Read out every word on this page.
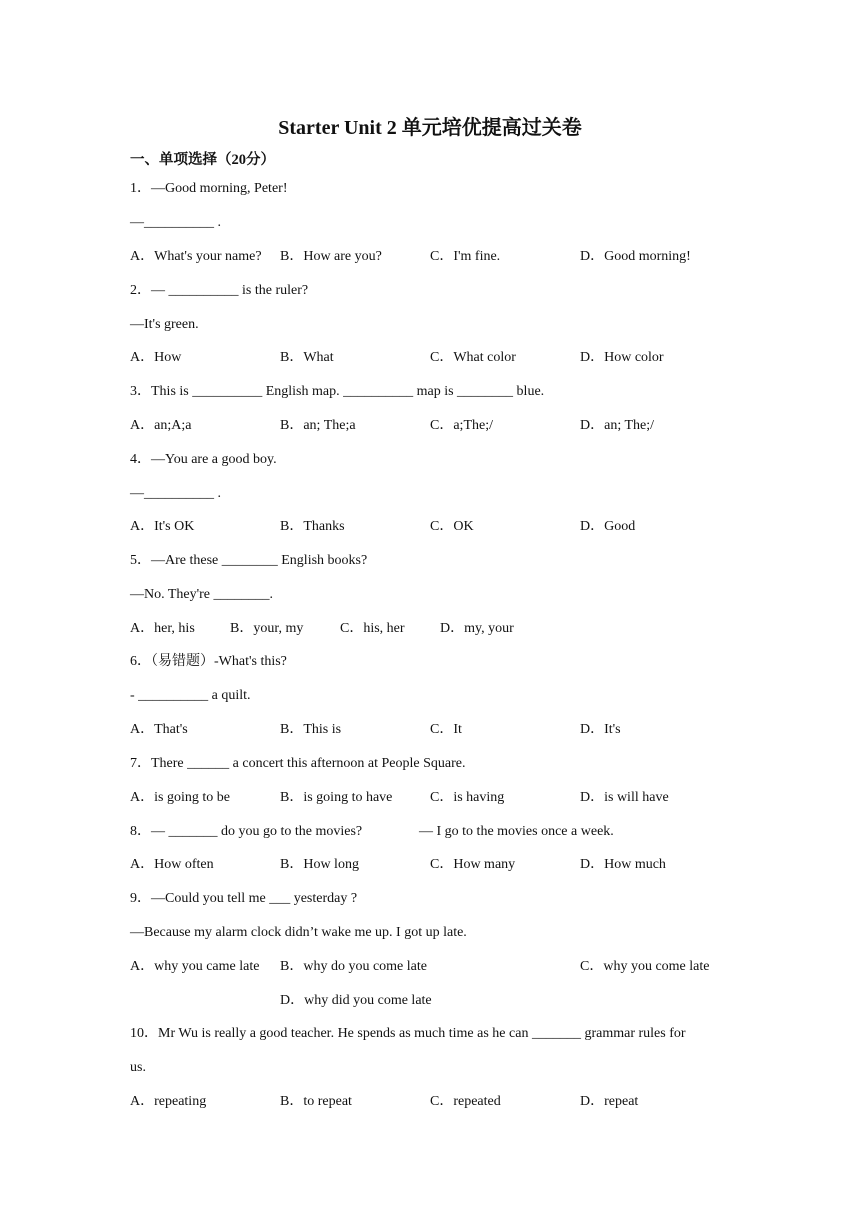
Starter Unit 2 单元培优提高过关卷
一、单项选择（20分）
1．—Good morning, Peter!
—__________ .
A．What's your name? B．How are you?	C．I'm fine.	D．Good morning!
2．— __________ is the ruler?
—It's green.
A．How	B．What	C．What color	D．How color
3．This is __________ English map. __________ map is ________ blue.
A．an;A;a	B．an; The;a	C．a;The;/	D．an; The;/
4．—You are a good boy.
—__________ .
A．It's OK	B．Thanks	C．OK	D．Good
5．—Are these ________ English books?
—No. They're ________.
A．her, his	B．your, my	C．his, her	D．my, your
6．（易错题）-What's this?
- __________ a quilt.
A．That's	B．This is	C．It	D．It's
7．There ______ a concert this afternoon at People Square.
A．is going to be	B．is going to have	C．is having	D．is will have
8．— _______ do you go to the movies?	— I go to the movies once a week.
A．How often	B．How long	C．How many	D．How much
9．—Could you tell me ___ yesterday ?
—Because my alarm clock didn’t wake me up. I got up late.
A．why you came late B．why do you come late	C．why you come late
D．why did you come late
10．Mr Wu is really a good teacher. He spends as much time as he can _______ grammar rules for
us.
A．repeating	B．to repeat	C．repeated	D．repeat
